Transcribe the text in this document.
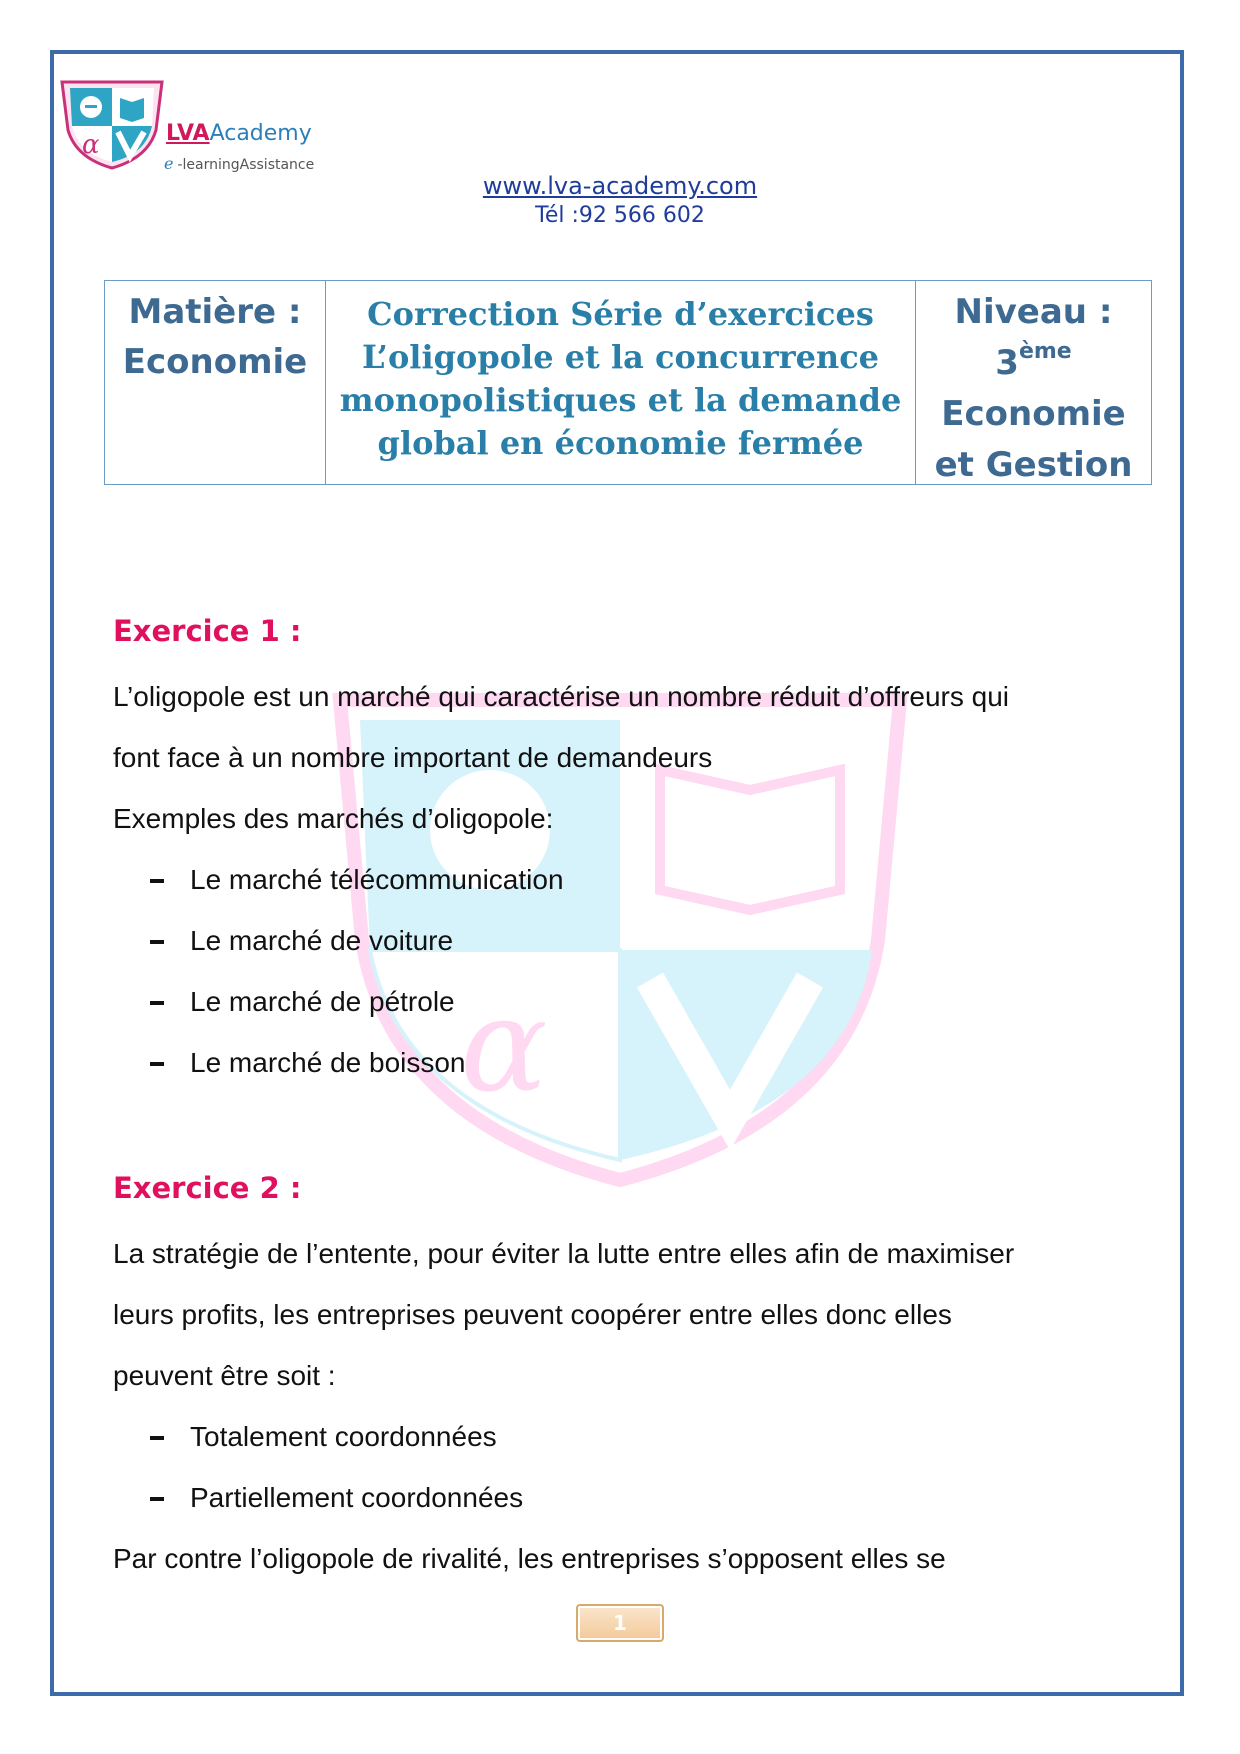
α	LVAAcademy
e -learningAssistance
www.lva-academy.com
Tél :92 566 602
Matière :
Economie
Correction Série d’exercices
L’oligopole et la concurrence
monopolistiques et la demande
global en économie fermée
Niveau :
3ème
Economie
et Gestion
α
Exercice 1 :
L’oligopole est un marché qui caractérise un nombre réduit d’offreurs qui
font face à un nombre important de demandeurs
Exemples des marchés d’oligopole:
Le marché télécommunication
Le marché de voiture
Le marché de pétrole
Le marché de boisson
Exercice 2 :
La stratégie de l’entente, pour éviter la lutte entre elles afin de maximiser
leurs profits, les entreprises peuvent coopérer entre elles donc elles
peuvent être soit :
Totalement coordonnées
Partiellement coordonnées
Par contre l’oligopole de rivalité, les entreprises s’opposent elles se
1
